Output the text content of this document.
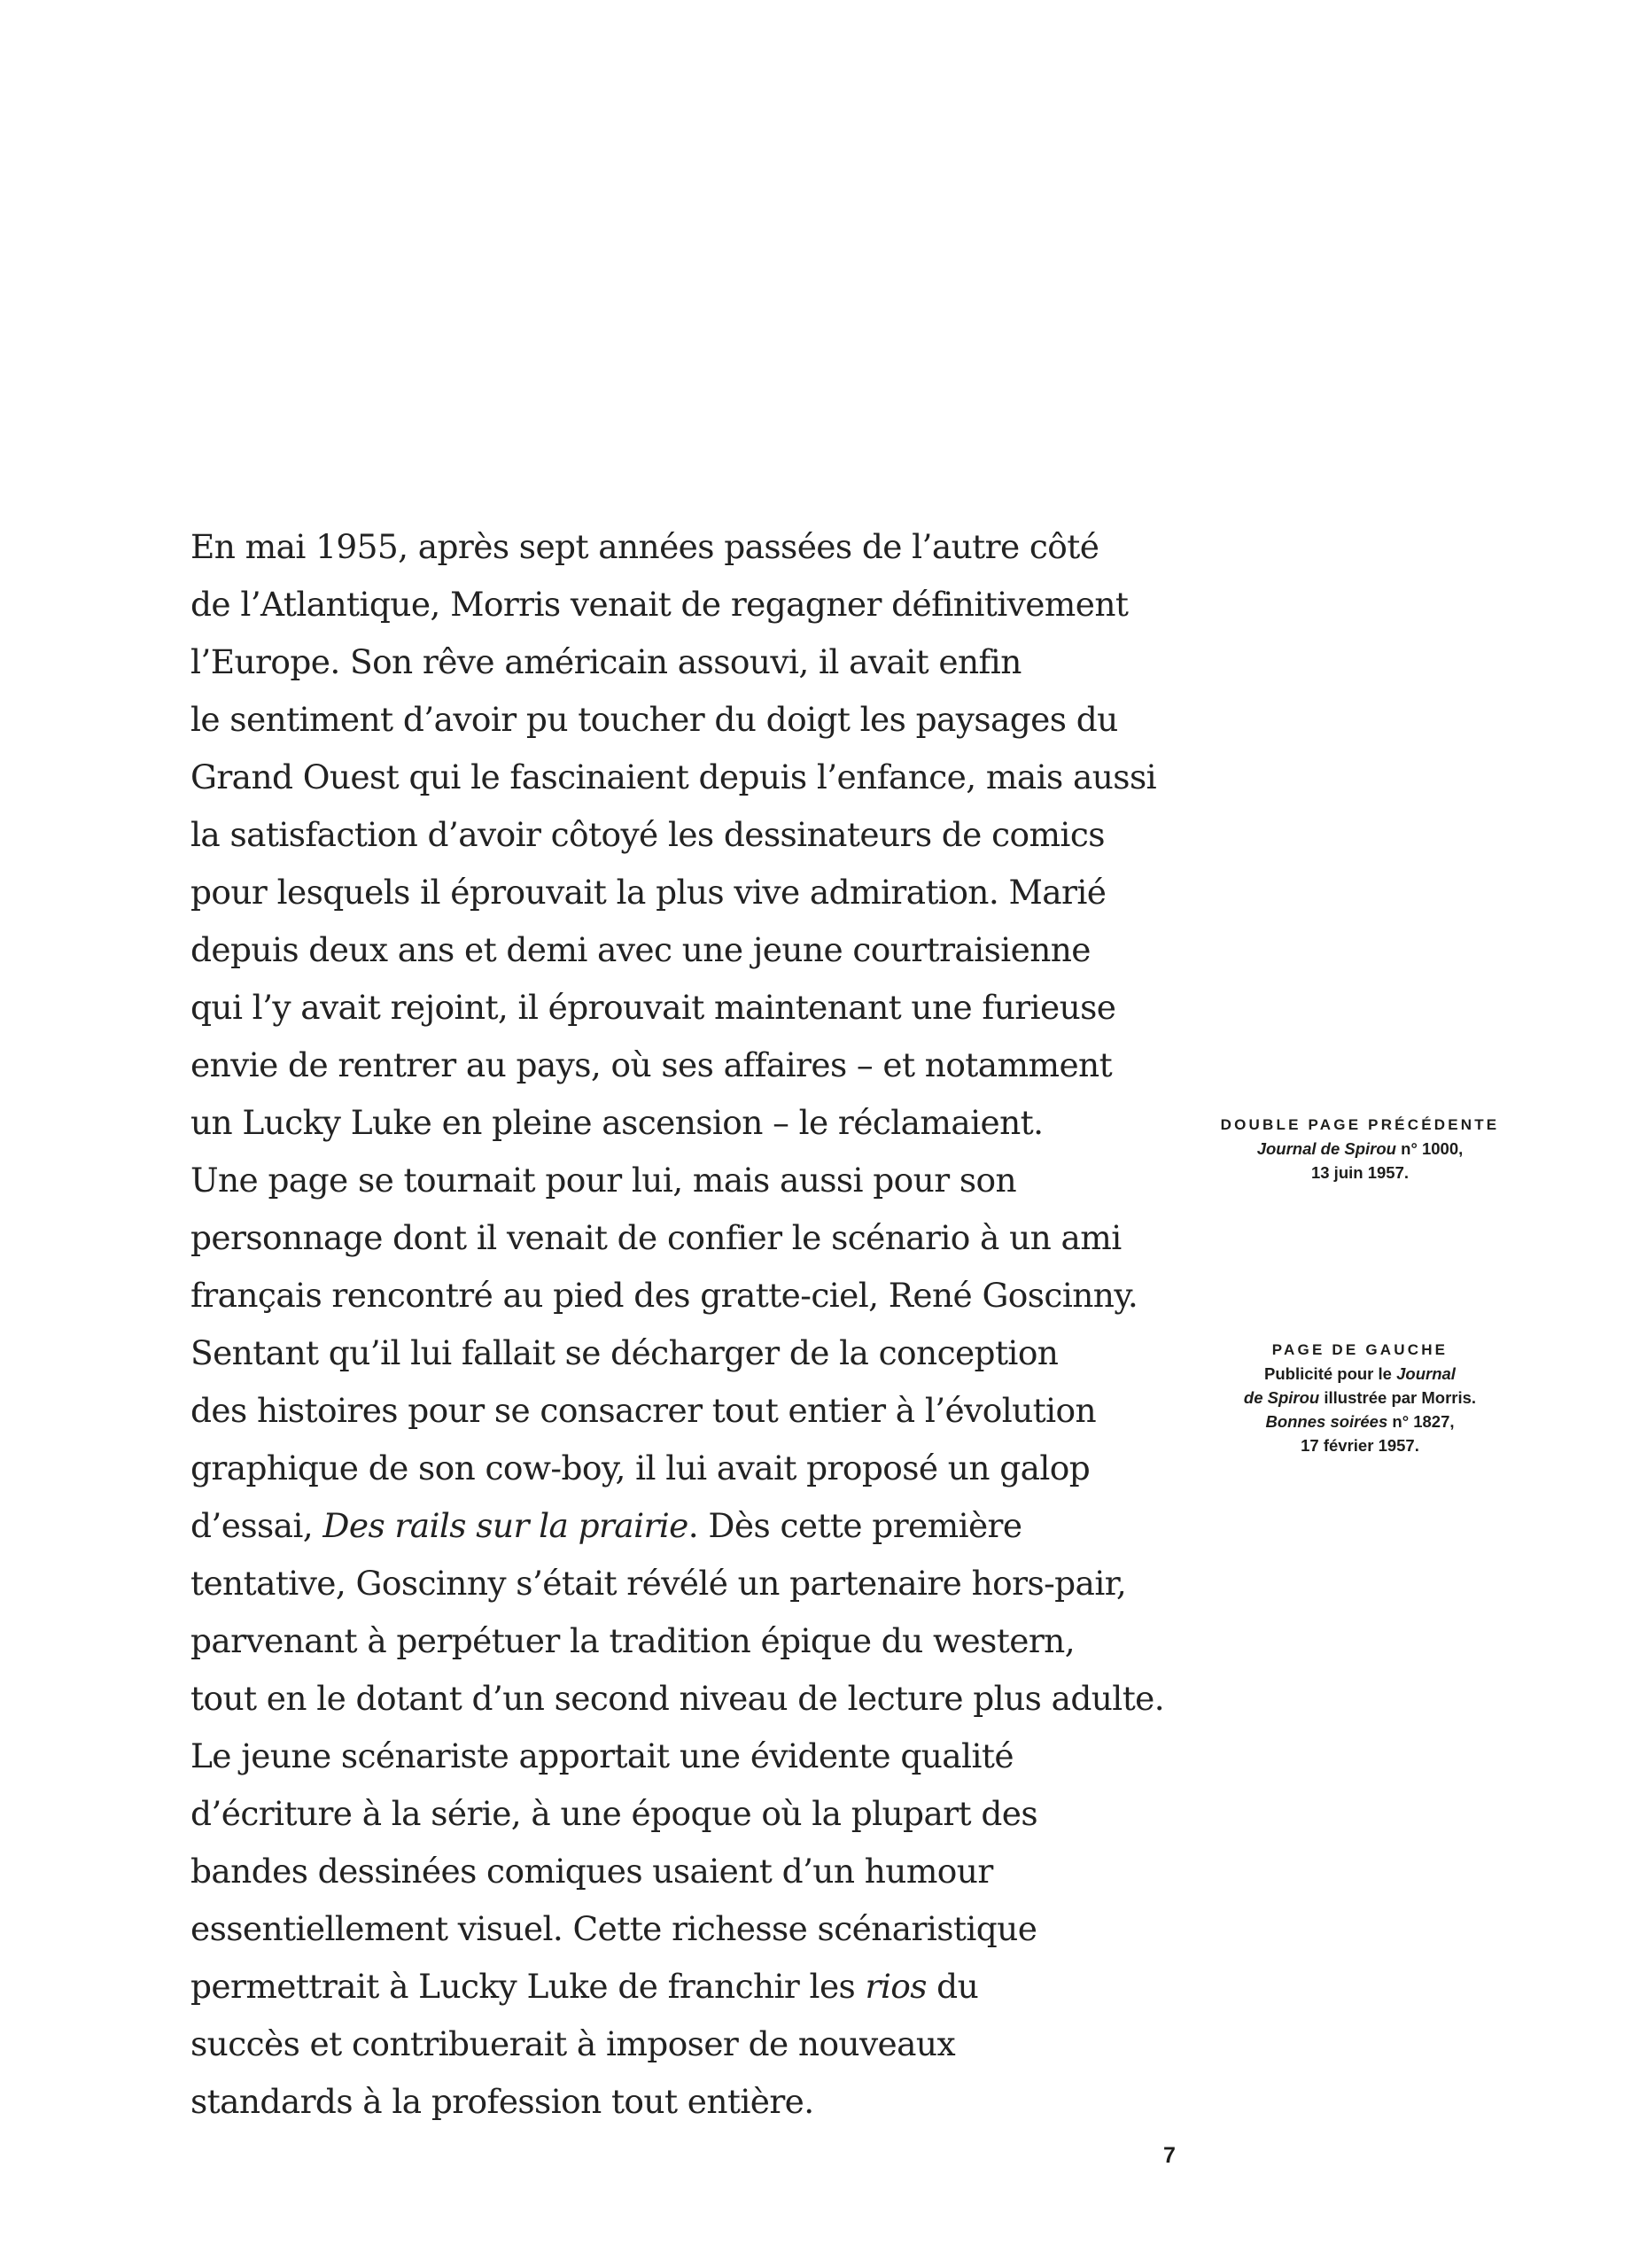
En mai 1955, après sept années passées de l’autre côté
de l’Atlantique, Morris venait de regagner définitivement
l’Europe. Son rêve américain assouvi, il avait enfin
le sentiment d’avoir pu toucher du doigt les paysages du
Grand Ouest qui le fascinaient depuis l’enfance, mais aussi
la satisfaction d’avoir côtoyé les dessinateurs de comics
pour lesquels il éprouvait la plus vive admiration. Marié
depuis deux ans et demi avec une jeune courtraisienne
qui l’y avait rejoint, il éprouvait maintenant une furieuse
envie de rentrer au pays, où ses affaires – et notamment
un Lucky Luke en pleine ascension – le réclamaient.
Une page se tournait pour lui, mais aussi pour son
personnage dont il venait de confier le scénario à un ami
français rencontré au pied des gratte-ciel, René Goscinny.
Sentant qu’il lui fallait se décharger de la conception
des histoires pour se consacrer tout entier à l’évolution
graphique de son cow-boy, il lui avait proposé un galop
d’essai, Des rails sur la prairie. Dès cette première
tentative, Goscinny s’était révélé un partenaire hors-pair,
parvenant à perpétuer la tradition épique du western,
tout en le dotant d’un second niveau de lecture plus adulte.
Le jeune scénariste apportait une évidente qualité
d’écriture à la série, à une époque où la plupart des
bandes dessinées comiques usaient d’un humour
essentiellement visuel. Cette richesse scénaristique
permettrait à Lucky Luke de franchir les rios du
succès et contribuerait à imposer de nouveaux
standards à la profession tout entière.
DOUBLE PAGE PRÉCÉDENTE
Journal de Spirou n° 1000,
13 juin 1957.
PAGE DE GAUCHE
Publicité pour le Journal
de Spirou illustrée par Morris.
Bonnes soirées n° 1827,
17 février 1957.
7
